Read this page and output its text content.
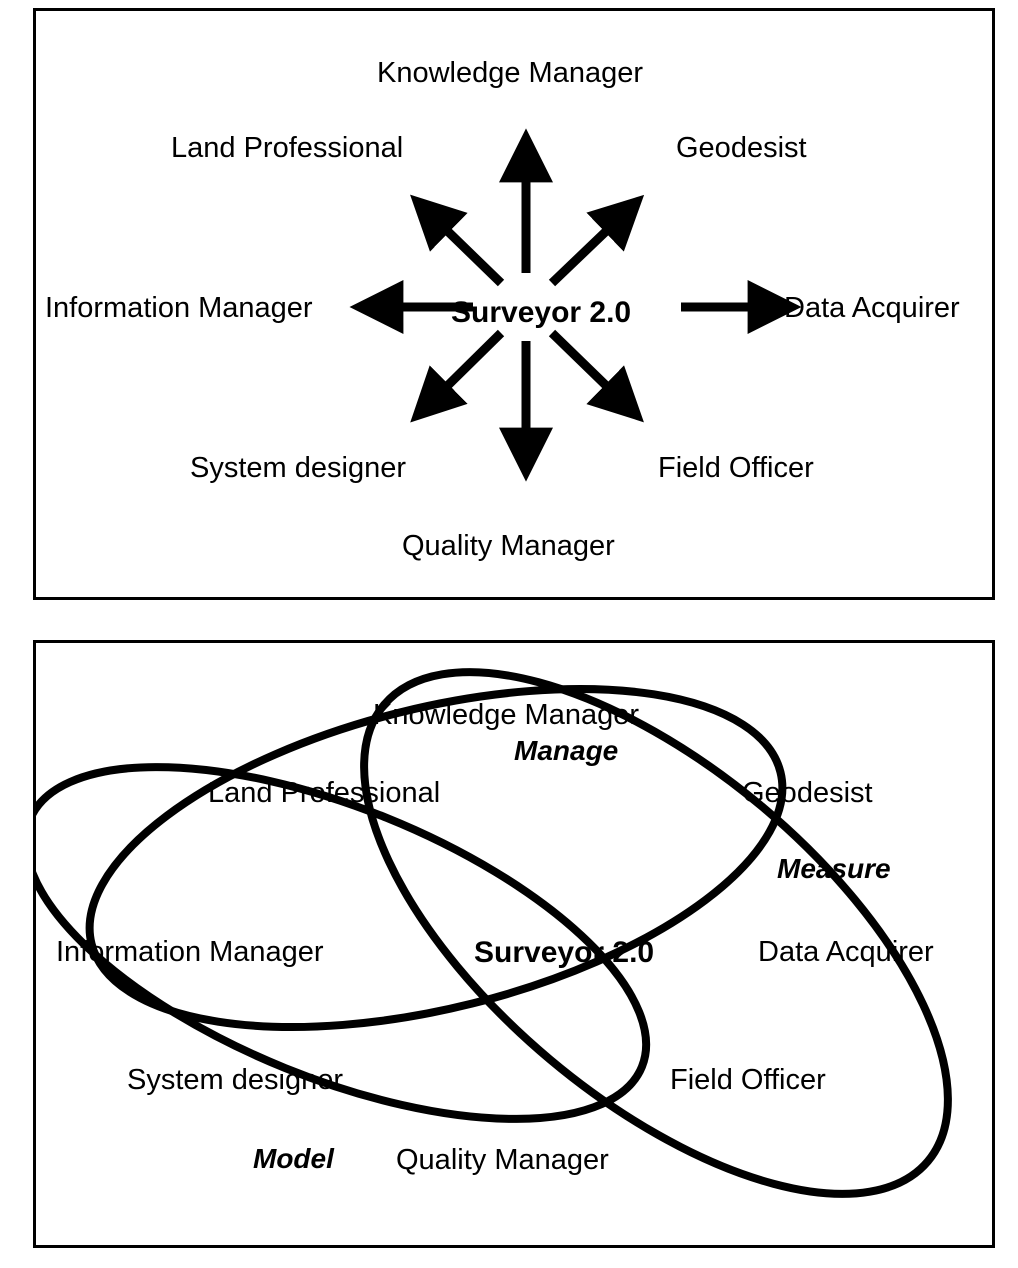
Surveyor 2.0
Knowledge Manager
Land Professional	Geodesist
Information Manager	Data Acquirer
System designer	Field Officer
Quality Manager
Knowledge Manager
Manage
Land Professional	Geodesist
Measure
Information Manager	Surveyor 2.0	Data Acquirer
System designer	Field Officer
Model Quality Manager
